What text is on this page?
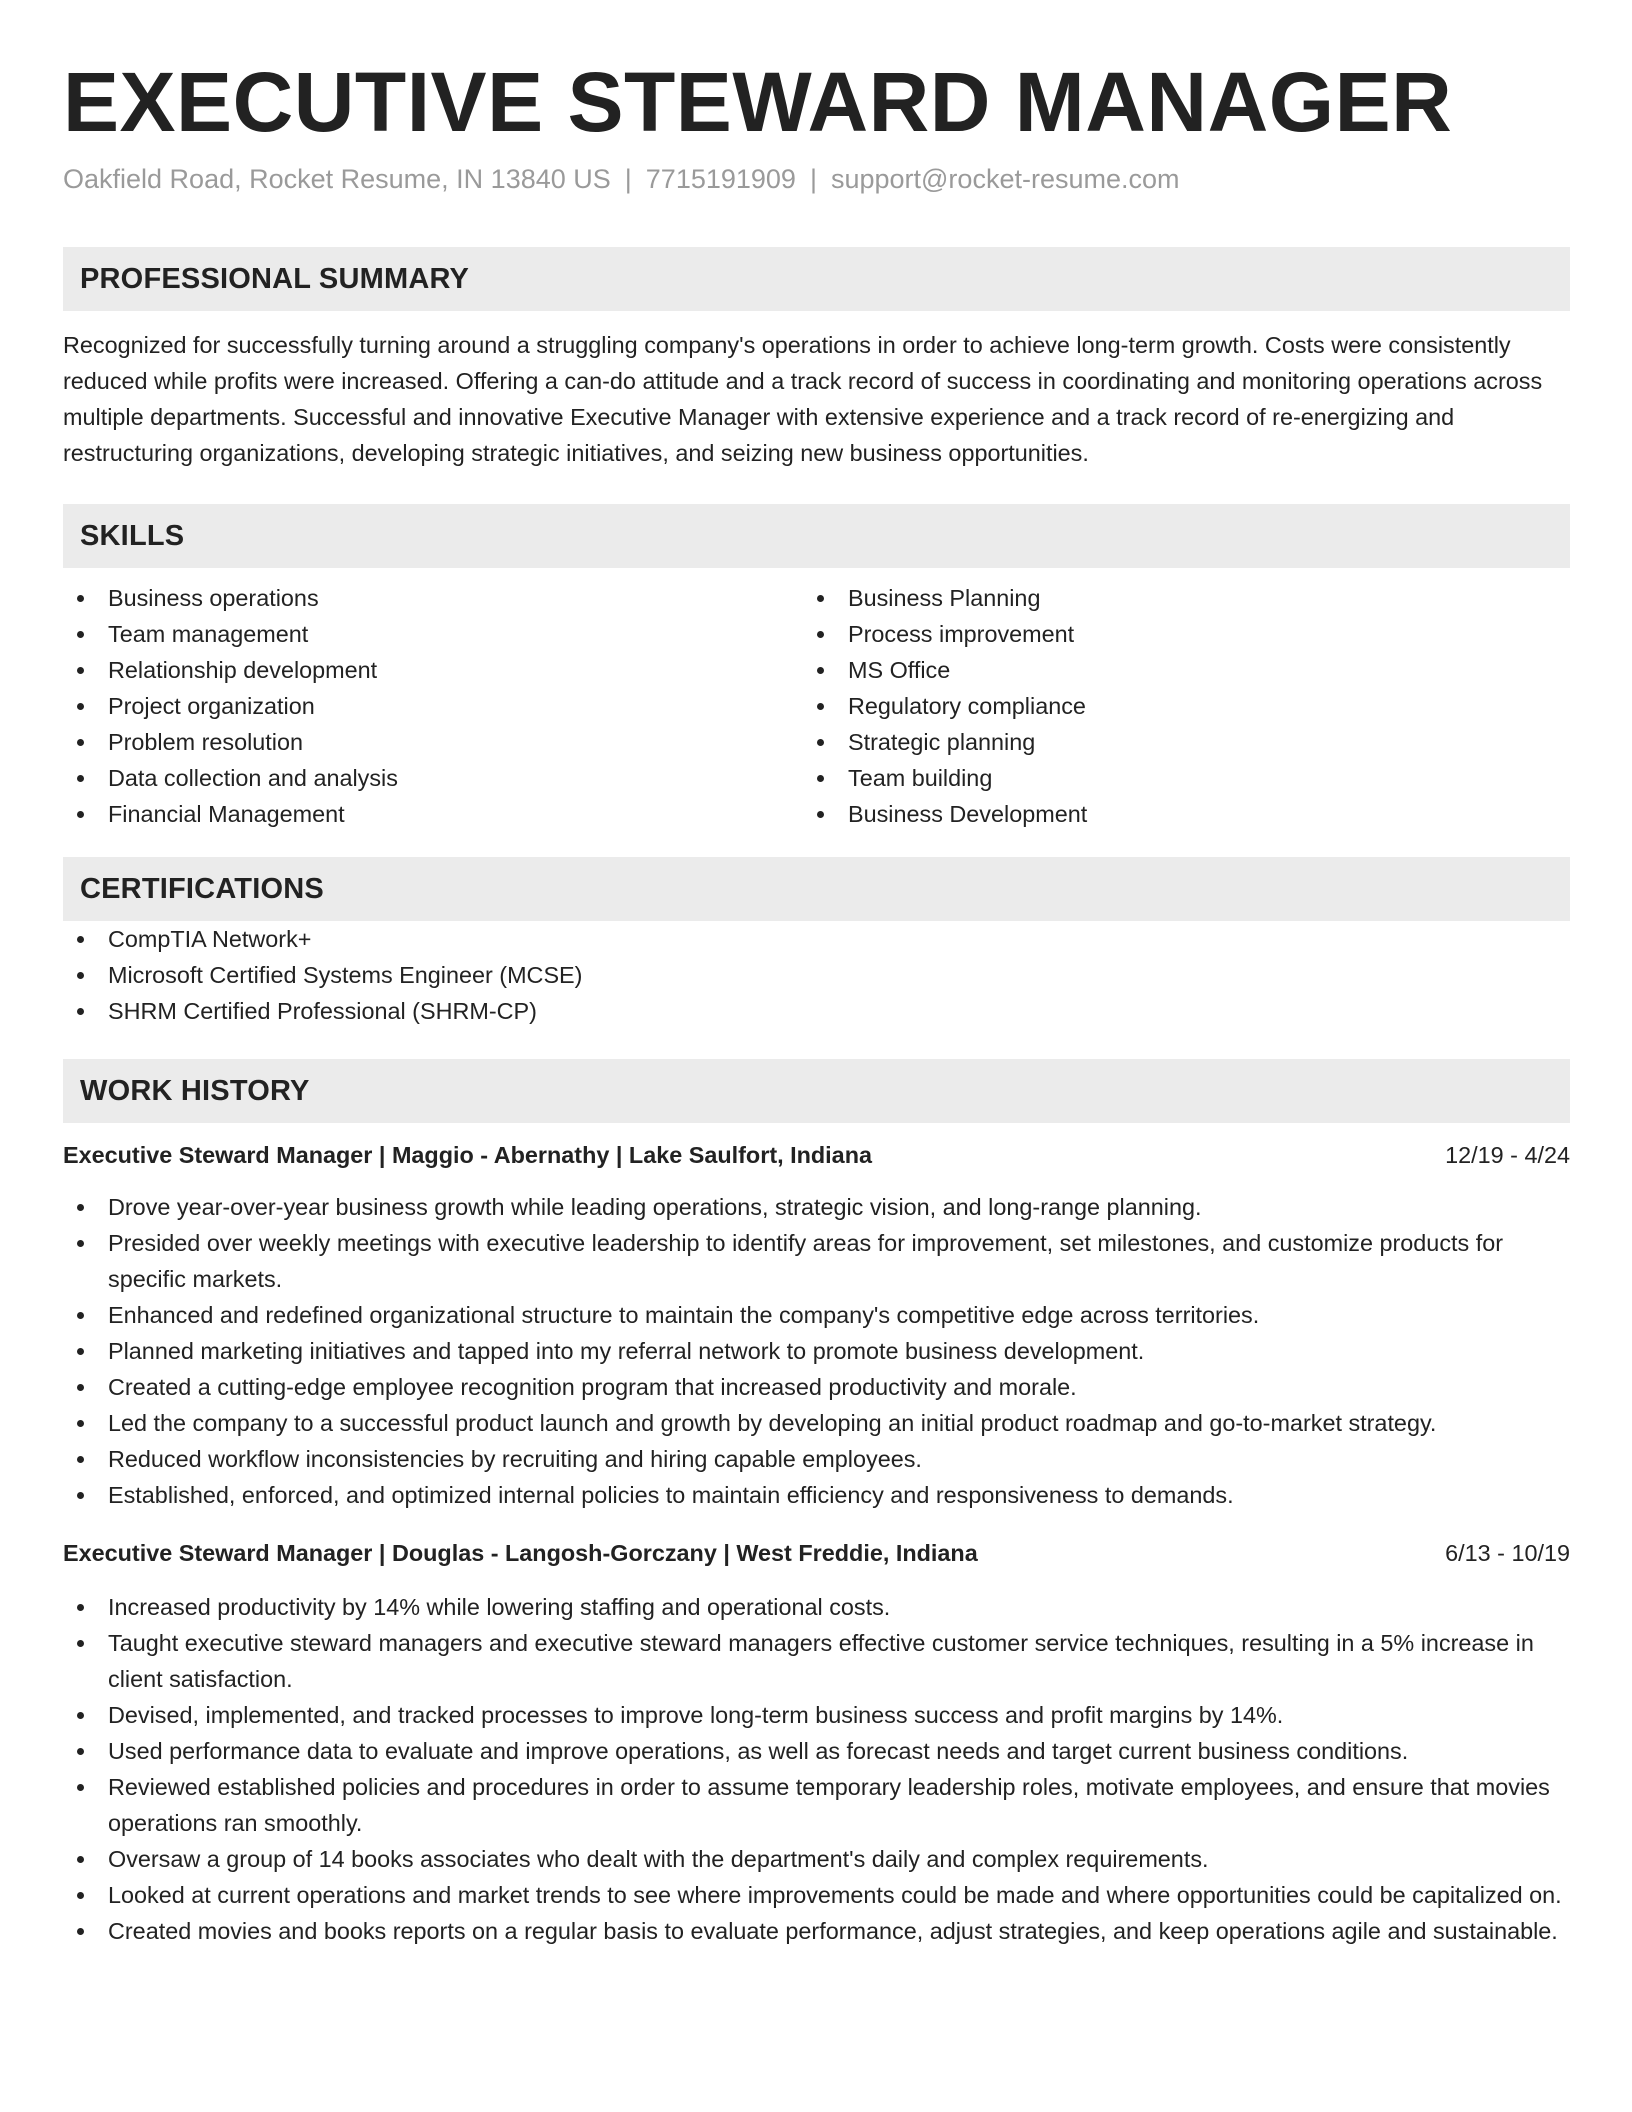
EXECUTIVE STEWARD MANAGER
Oakfield Road, Rocket Resume, IN 13840 US | 7715191909 | support@rocket-resume.com
PROFESSIONAL SUMMARY

Recognized for successfully turning around a struggling company's operations in order to achieve long-term growth. Costs were consistently reduced while profits were increased. Offering a can-do attitude and a track record of success in coordinating and monitoring operations across multiple departments. Successful and innovative Executive Manager with extensive experience and a track record of re-energizing and restructuring organizations, developing strategic initiatives, and seizing new business opportunities.

SKILLS
Business operations
Team management
Relationship development
Project organization
Problem resolution
Data collection and analysis
Financial Management
Business Planning
Process improvement
MS Office
Regulatory compliance
Strategic planning
Team building
Business Development
CERTIFICATIONS
CompTIA Network+
Microsoft Certified Systems Engineer (MCSE)
SHRM Certified Professional (SHRM-CP)
WORK HISTORY
Executive Steward Manager | Maggio - Abernathy | Lake Saulfort, Indiana	12/19 - 4/24
Drove year-over-year business growth while leading operations, strategic vision, and long-range planning.
Presided over weekly meetings with executive leadership to identify areas for improvement, set milestones, and customize products for specific markets.
Enhanced and redefined organizational structure to maintain the company's competitive edge across territories.
Planned marketing initiatives and tapped into my referral network to promote business development.
Created a cutting-edge employee recognition program that increased productivity and morale.
Led the company to a successful product launch and growth by developing an initial product roadmap and go-to-market strategy.
Reduced workflow inconsistencies by recruiting and hiring capable employees.
Established, enforced, and optimized internal policies to maintain efficiency and responsiveness to demands.
Executive Steward Manager | Douglas - Langosh-Gorczany | West Freddie, Indiana	6/13 - 10/19
Increased productivity by 14% while lowering staffing and operational costs.
Taught executive steward managers and executive steward managers effective customer service techniques, resulting in a 5% increase in client satisfaction.
Devised, implemented, and tracked processes to improve long-term business success and profit margins by 14%.
Used performance data to evaluate and improve operations, as well as forecast needs and target current business conditions.
Reviewed established policies and procedures in order to assume temporary leadership roles, motivate employees, and ensure that movies operations ran smoothly.
Oversaw a group of 14 books associates who dealt with the department's daily and complex requirements.
Looked at current operations and market trends to see where improvements could be made and where opportunities could be capitalized on.
Created movies and books reports on a regular basis to evaluate performance, adjust strategies, and keep operations agile and sustainable.
